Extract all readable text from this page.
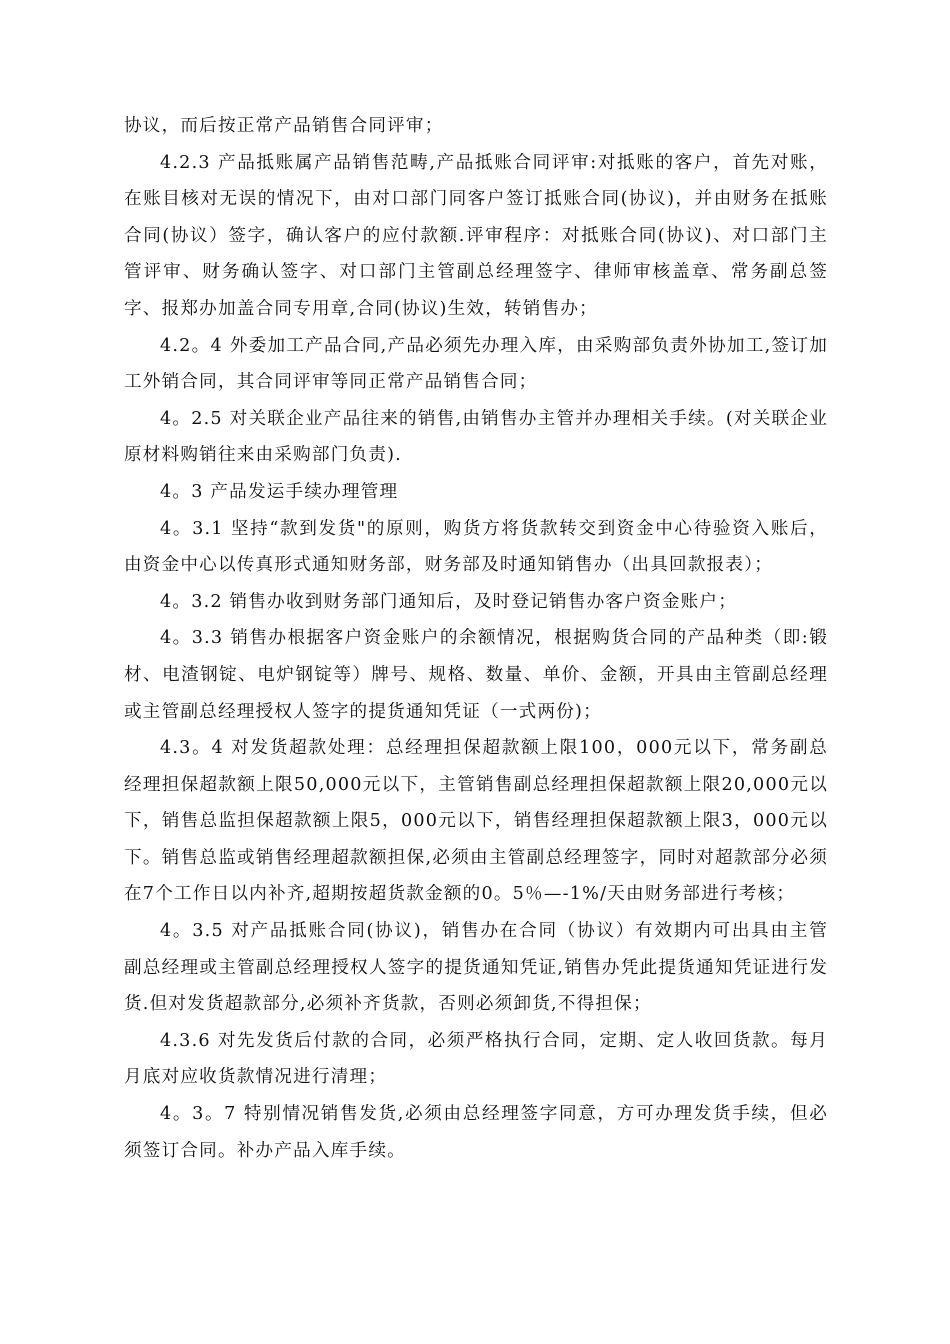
协议，而后按正常产品销售合同评审；

4.2.3 产品抵账属产品销售范畴,产品抵账合同评审:对抵账的客户，首先对账，在账目核对无误的情况下，由对口部门同客户签订抵账合同(协议)，并由财务在抵账合同(协议）签字，确认客户的应付款额.评审程序：对抵账合同(协议)、对口部门主管评审、财务确认签字、对口部门主管副总经理签字、律师审核盖章、常务副总签字、报郑办加盖合同专用章,合同(协议)生效，转销售办；

4.2。4 外委加工产品合同,产品必须先办理入库，由采购部负责外协加工,签订加工外销合同，其合同评审等同正常产品销售合同；

4。2.5 对关联企业产品往来的销售,由销售办主管并办理相关手续。(对关联企业原材料购销往来由采购部门负责).

4。3 产品发运手续办理管理

4。3.1 坚持“款到发货"的原则，购货方将货款转交到资金中心待验资入账后，由资金中心以传真形式通知财务部，财务部及时通知销售办（出具回款报表）；

4。3.2 销售办收到财务部门通知后，及时登记销售办客户资金账户；

4。3.3 销售办根据客户资金账户的余额情况，根据购货合同的产品种类（即:锻材、电渣钢锭、电炉钢锭等）牌号、规格、数量、单价、金额，开具由主管副总经理或主管副总经理授权人签字的提货通知凭证（一式两份)；

4.3。4 对发货超款处理：总经理担保超款额上限100，000元以下，常务副总经理担保超款额上限50,000元以下，主管销售副总经理担保超款额上限20,000元以下，销售总监担保超款额上限5，000元以下，销售经理担保超款额上限3，000元以下。销售总监或销售经理超款额担保,必须由主管副总经理签字，同时对超款部分必须在7个工作日以内补齐,超期按超货款金额的0。5％—-1%/天由财务部进行考核；

4。3.5 对产品抵账合同(协议)，销售办在合同（协议）有效期内可出具由主管副总经理或主管副总经理授权人签字的提货通知凭证,销售办凭此提货通知凭证进行发货.但对发货超款部分,必须补齐货款，否则必须卸货,不得担保；

4.3.6 对先发货后付款的合同，必须严格执行合同，定期、定人收回货款。每月月底对应收货款情况进行清理；

4。3。7 特别情况销售发货,必须由总经理签字同意，方可办理发货手续，但必须签订合同。补办产品入库手续。
